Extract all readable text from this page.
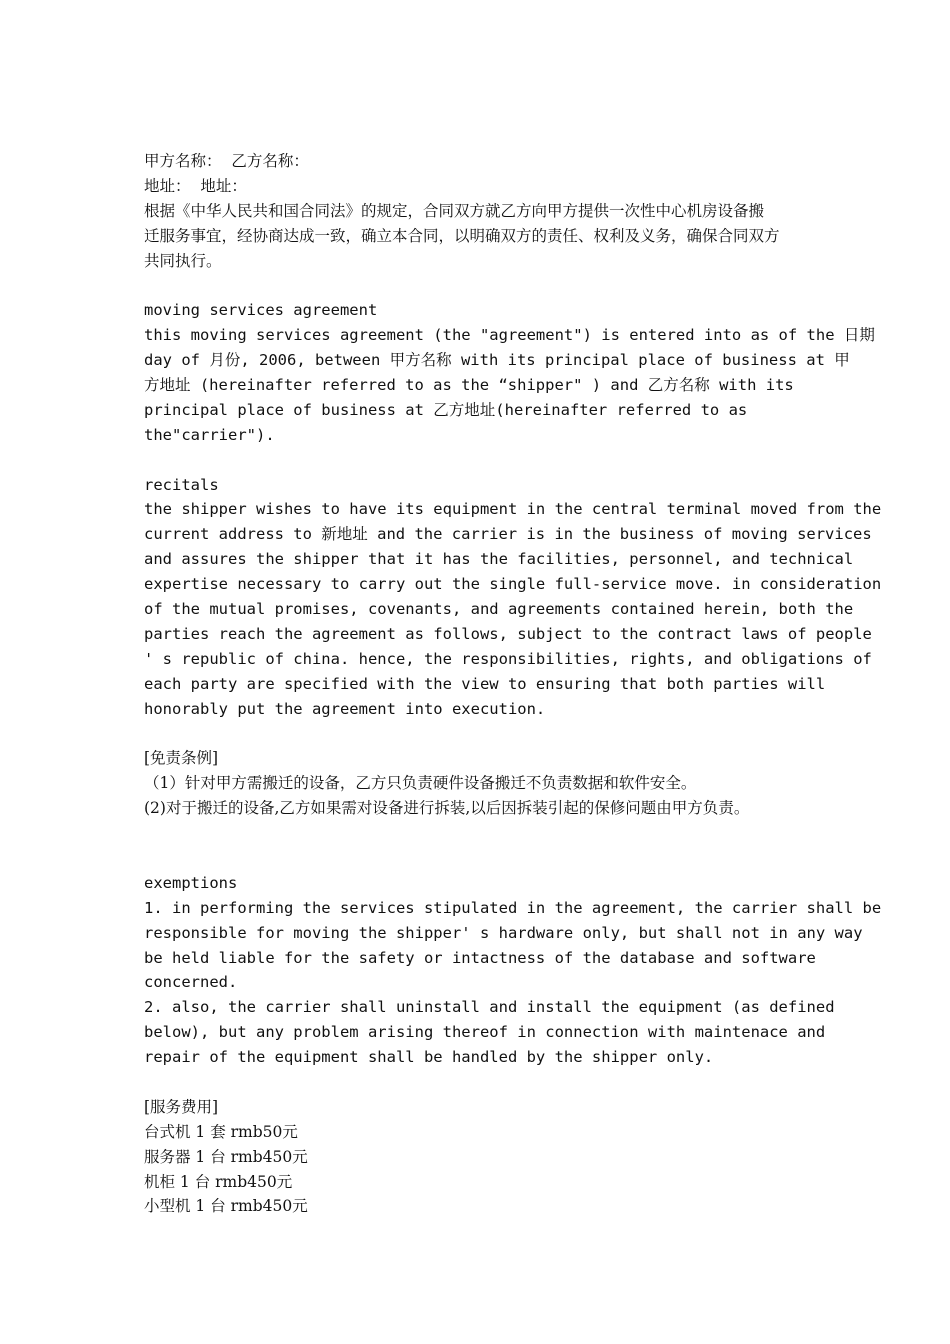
甲方名称： 乙方名称：
地址： 地址：
根据《中华人民共和国合同法》的规定，合同双方就乙方向甲方提供一次性中心机房设备搬
迁服务事宜，经协商达成一致，确立本合同，以明确双方的责任、权利及义务，确保合同双方
共同执行。
moving services agreement
this moving services agreement (the "agreement") is entered into as of the 日期
day of 月份, 2006, between 甲方名称 with its principal place of business at 甲
方地址 (hereinafter referred to as the “shipper" ) and 乙方名称 with its
principal place of business at 乙方地址(hereinafter referred to as
the"carrier").
recitals
the shipper wishes to have its equipment in the central terminal moved from the
current address to 新地址 and the carrier is in the business of moving services
and assures the shipper that it has the facilities, personnel, and technical
expertise necessary to carry out the single full-service move. in consideration
of the mutual promises, covenants, and agreements contained herein, both the
parties reach the agreement as follows, subject to the contract laws of people
' s republic of china. hence, the responsibilities, rights, and obligations of
each party are specified with the view to ensuring that both parties will
honorably put the agreement into execution.
[免责条例]
（1）针对甲方需搬迁的设备，乙方只负责硬件设备搬迁不负责数据和软件安全。
(2)对于搬迁的设备,乙方如果需对设备进行拆装,以后因拆装引起的保修问题由甲方负责。
exemptions
1. in performing the services stipulated in the agreement, the carrier shall be
responsible for moving the shipper' s hardware only, but shall not in any way
be held liable for the safety or intactness of the database and software
concerned.
2. also, the carrier shall uninstall and install the equipment (as defined
below), but any problem arising thereof in connection with maintenace and
repair of the equipment shall be handled by the shipper only.
[服务费用]
台式机 1 套 rmb50元
服务器 1 台 rmb450元
机柜 1 台 rmb450元
小型机 1 台 rmb450元
